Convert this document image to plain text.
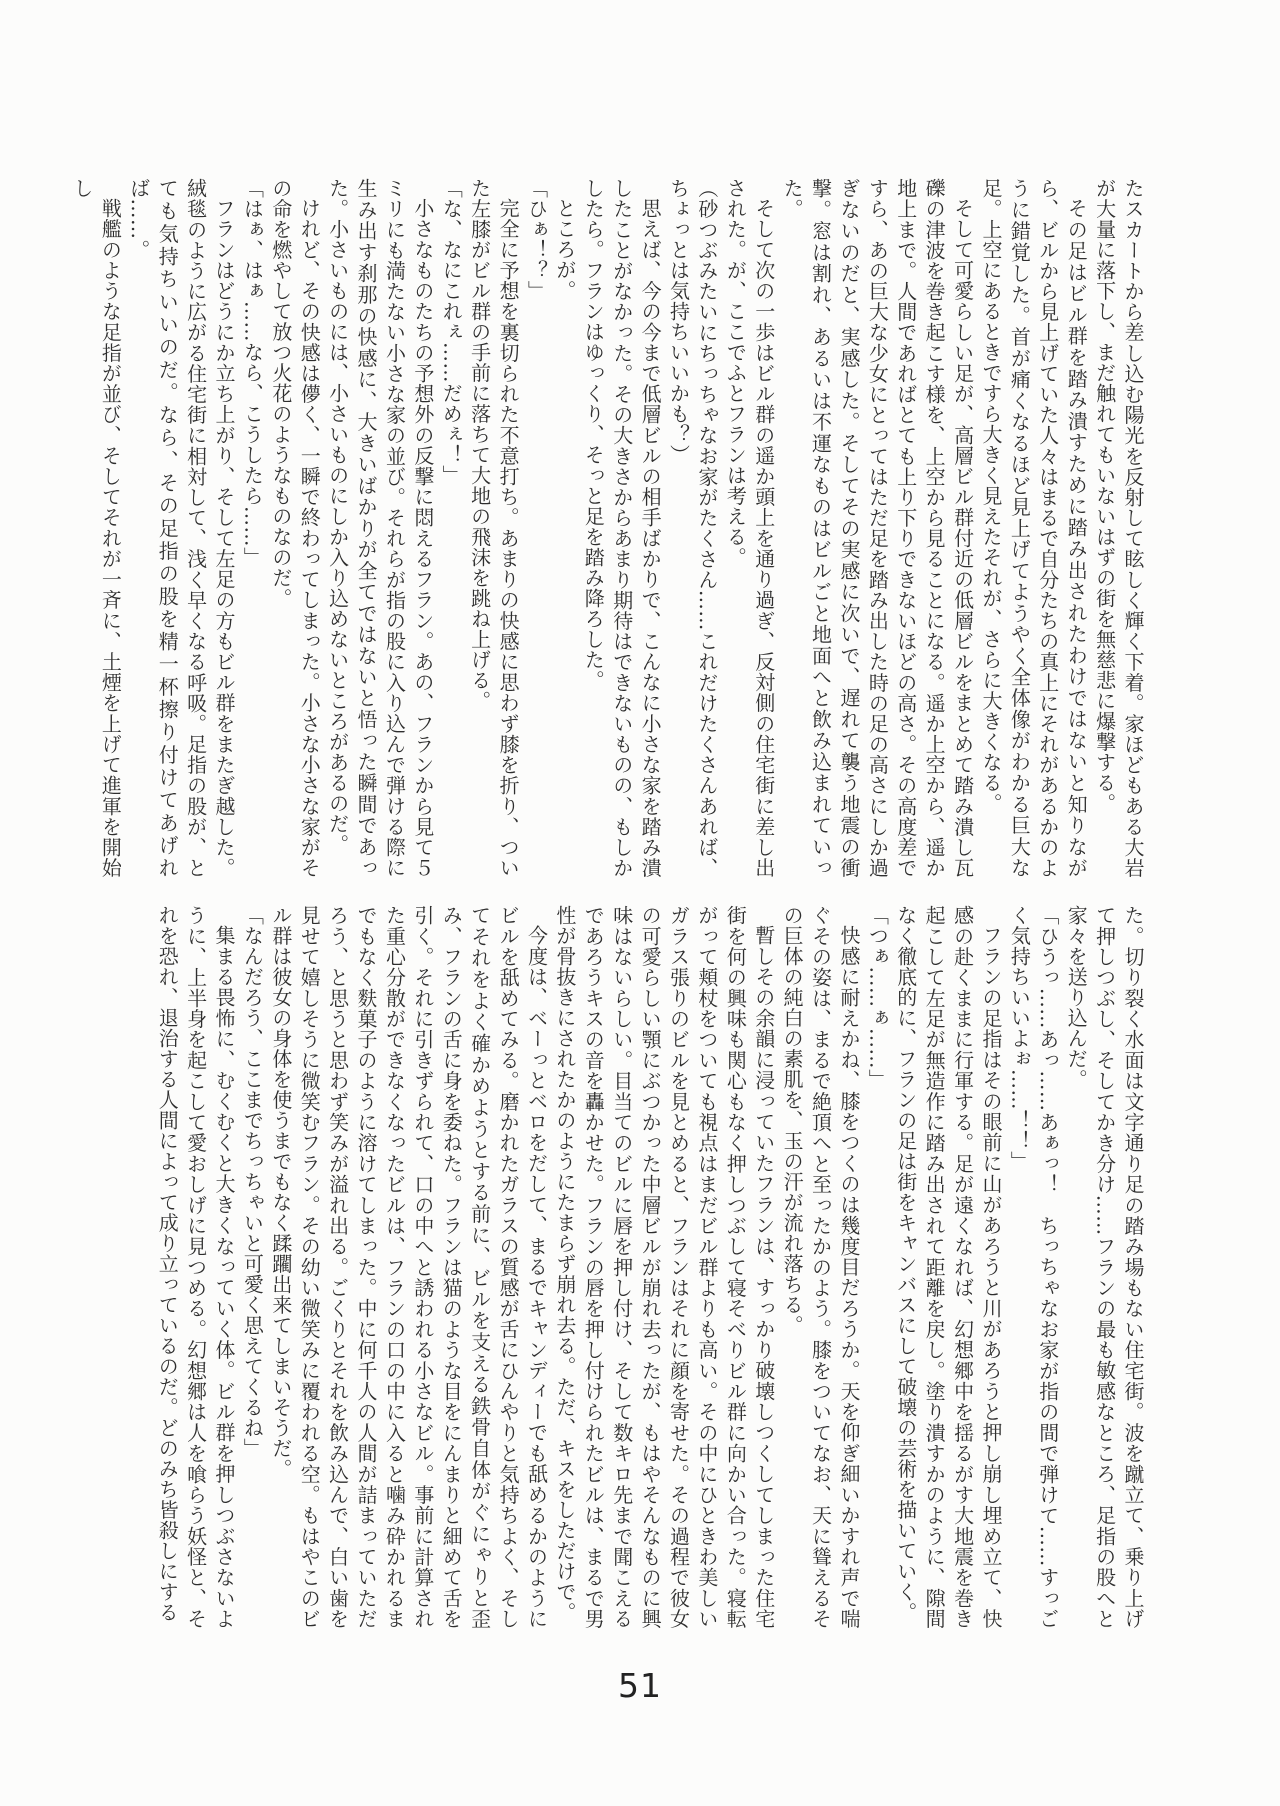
たスカートから差し込む陽光を反射して眩しく輝く下着。家ほどもある大岩が大量に落下し、まだ触れてもいないはずの街を無慈悲に爆撃する。

その足はビル群を踏み潰すために踏み出されたわけではないと知りながら、ビルから見上げていた人々はまるで自分たちの真上にそれがあるかのように錯覚した。首が痛くなるほど見上げてようやく全体像がわかる巨大な足。上空にあるときですら大きく見えたそれが、さらに大きくなる。

そして可愛らしい足が、高層ビル群付近の低層ビルをまとめて踏み潰し瓦礫の津波を巻き起こす様を、上空から見ることになる。遥か上空から、遥か地上まで。人間であればとても上り下りできないほどの高さ。その高度差ですら、あの巨大な少女にとってはただ足を踏み出した時の足の高さにしか過ぎないのだと、実感した。そしてその実感に次いで、遅れて襲う地震の衝撃。窓は割れ、あるいは不運なものはビルごと地面へと飲み込まれていった。

そして次の一歩はビル群の遥か頭上を通り過ぎ、反対側の住宅街に差し出された。が、ここでふとフランは考える。

（砂つぶみたいにちっちゃなお家がたくさん……これだけたくさんあれば、ちょっとは気持ちいいかも？）

思えば、今の今まで低層ビルの相手ばかりで、こんなに小さな家を踏み潰したことがなかった。その大きさからあまり期待はできないものの、もしかしたら。フランはゆっくり、そっと足を踏み降ろした。

ところが。

「ひぁ！？」

完全に予想を裏切られた不意打ち。あまりの快感に思わず膝を折り、ついた左膝がビル群の手前に落ちて大地の飛沫を跳ね上げる。

「な、なにこれぇ……だめぇ！」

小さなものたちの予想外の反撃に悶えるフラン。あの、フランから見て５ミリにも満たない小さな家の並び。それらが指の股に入り込んで弾ける際に生み出す刹那の快感に、大きいばかりが全てではないと悟った瞬間であった。小さいものには、小さいものにしか入り込めないところがあるのだ。

けれど、その快感は儚く、一瞬で終わってしまった。小さな小さな家がその命を燃やして放つ火花のようなものなのだ。

「はぁ、はぁ……なら、こうしたら……」

フランはどうにか立ち上がり、そして左足の方もビル群をまたぎ越した。絨毯のように広がる住宅街に相対して、浅く早くなる呼吸。足指の股が、とても気持ちいいのだ。なら、その足指の股を精一杯擦り付けてあげれば……。

戦艦のような足指が並び、そしてそれが一斉に、土煙を上げて進軍を開始し

た。切り裂く水面は文字通り足の踏み場もない住宅街。波を蹴立て、乗り上げて押しつぶし、そしてかき分け……フランの最も敏感なところ、足指の股へと家々を送り込んだ。

「ひうっ……あっ……あぁっ！　ちっちゃなお家が指の間で弾けて……すっごく気持ちいいよぉ……！！」

フランの足指はその眼前に山があろうと川があろうと押し崩し埋め立て、快感の赴くままに行軍する。足が遠くなれば、幻想郷中を揺るがす大地震を巻き起こして左足が無造作に踏み出されて距離を戻し。塗り潰すかのように、隙間なく徹底的に、フランの足は街をキャンバスにして破壊の芸術を描いていく。

「つぁ……ぁ……」

快感に耐えかね、膝をつくのは幾度目だろうか。天を仰ぎ細いかすれ声で喘ぐその姿は、まるで絶頂へと至ったかのよう。膝をついてなお、天に聳えるその巨体の純白の素肌を、玉の汗が流れ落ちる。

暫しその余韻に浸っていたフランは、すっかり破壊しつくしてしまった住宅街を何の興味も関心もなく押しつぶして寝そべりビル群に向かい合った。寝転がって頬杖をついても視点はまだビル群よりも高い。その中にひときわ美しいガラス張りのビルを見とめると、フランはそれに顔を寄せた。その過程で彼女の可愛らしい顎にぶつかった中層ビルが崩れ去ったが、もはやそんなものに興味はないらしい。目当てのビルに唇を押し付け、そして数キロ先まで聞こえるであろうキスの音を轟かせた。フランの唇を押し付けられたビルは、まるで男性が骨抜きにされたかのようにたまらず崩れ去る。ただ、キスをしただけで。

今度は、ベーっとベロをだして、まるでキャンディーでも舐めるかのようにビルを舐めてみる。磨かれたガラスの質感が舌にひんやりと気持ちよく、そしてそれをよく確かめようとする前に、ビルを支える鉄骨自体がぐにゃりと歪み、フランの舌に身を委ねた。フランは猫のような目をにんまりと細めて舌を引く。それに引きずられて、口の中へと誘われる小さなビル。事前に計算された重心分散ができなくなったビルは、フランの口の中に入ると噛み砕かれるまでもなく麩菓子のように溶けてしまった。中に何千人の人間が詰まっていただろう、と思うと思わず笑みが溢れ出る。ごくりとそれを飲み込んで、白い歯を見せて嬉しそうに微笑むフラン。その幼い微笑みに覆われる空。もはやこのビル群は彼女の身体を使うまでもなく蹂躙出来てしまいそうだ。

「なんだろう、ここまでちっちゃいと可愛く思えてくるね」

集まる畏怖に、むくむくと大きくなっていく体。ビル群を押しつぶさないように、上半身を起こして愛おしげに見つめる。幻想郷は人を喰らう妖怪と、それを恐れ、退治する人間によって成り立っているのだ。どのみち皆殺しにする

51
